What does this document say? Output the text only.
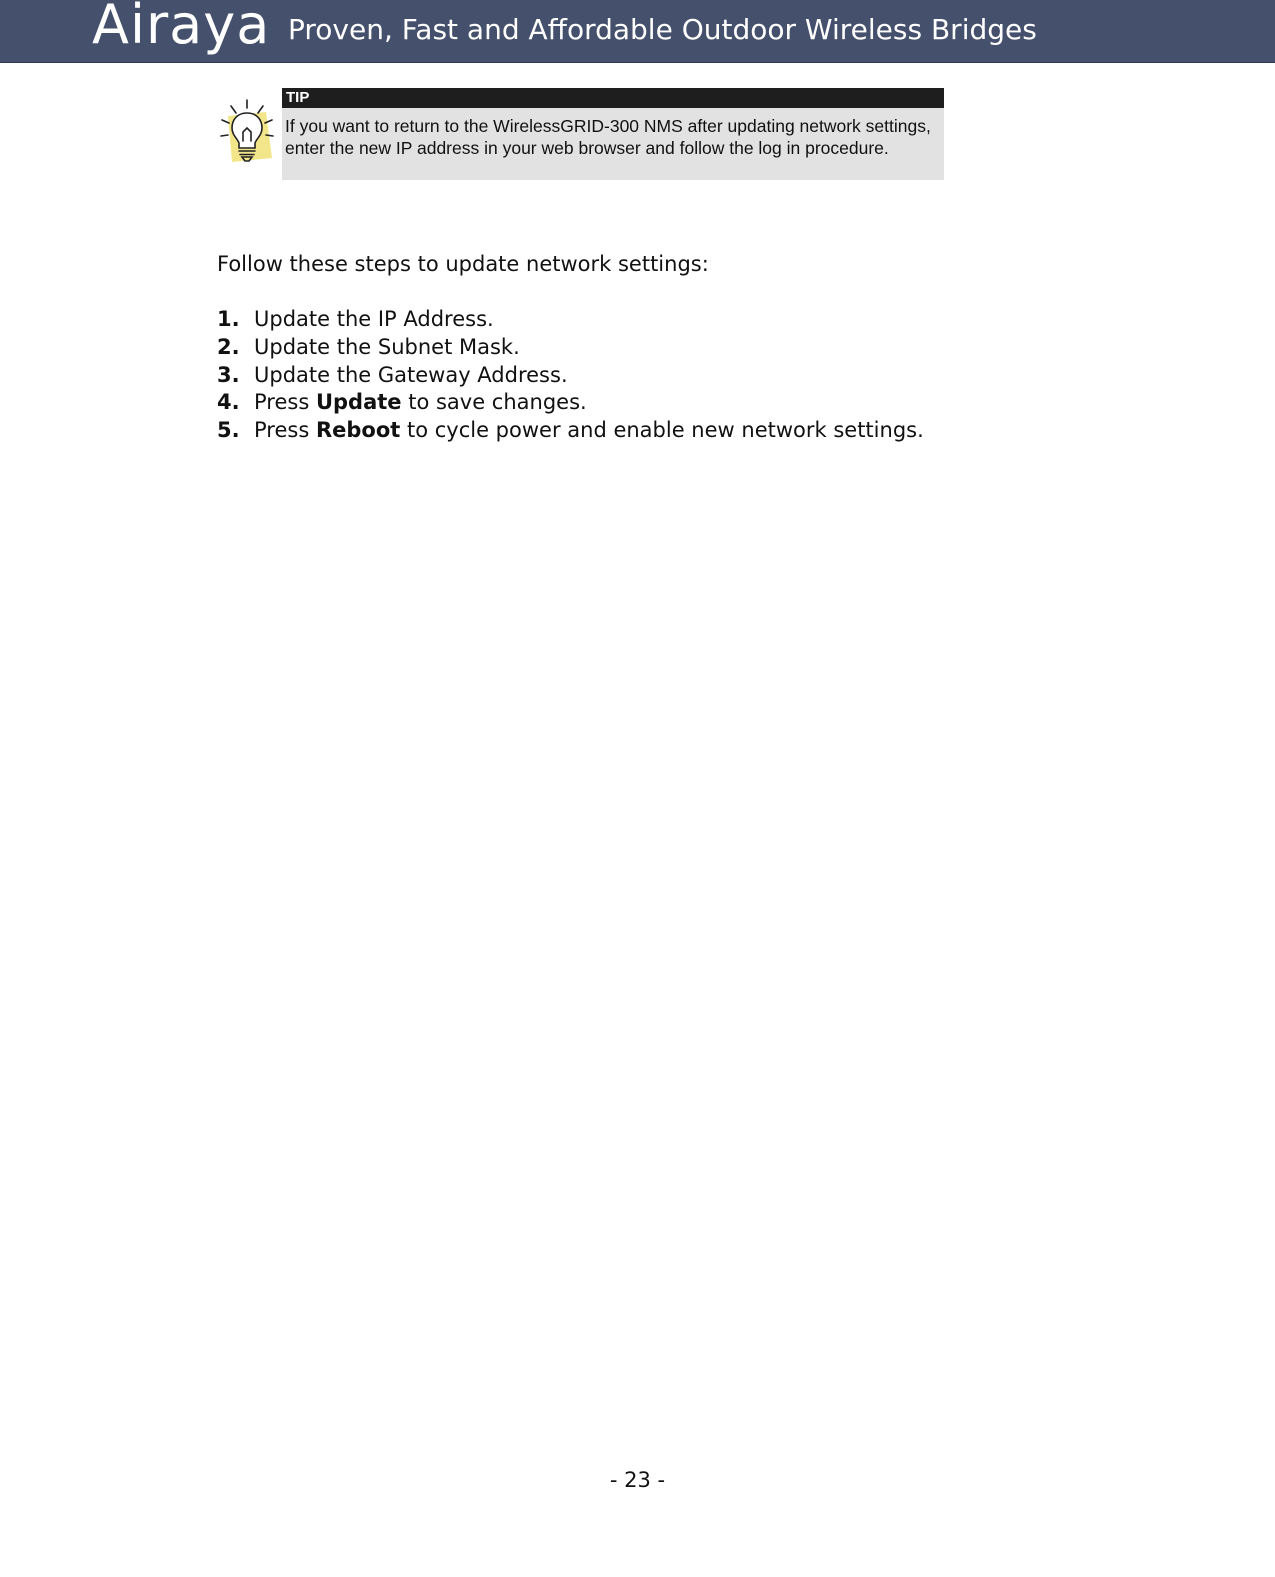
Airaya Proven, Fast and Affordable Outdoor Wireless Bridges
TIP
If you want to return to the WirelessGRID-300 NMS after updating network settings, enter the new IP address in your web browser and follow the log in procedure.
Follow these steps to update network settings:
1. Update the IP Address.
2. Update the Subnet Mask.
3. Update the Gateway Address.
4. Press Update to save changes.
5. Press Reboot to cycle power and enable new network settings.
- 23 -
